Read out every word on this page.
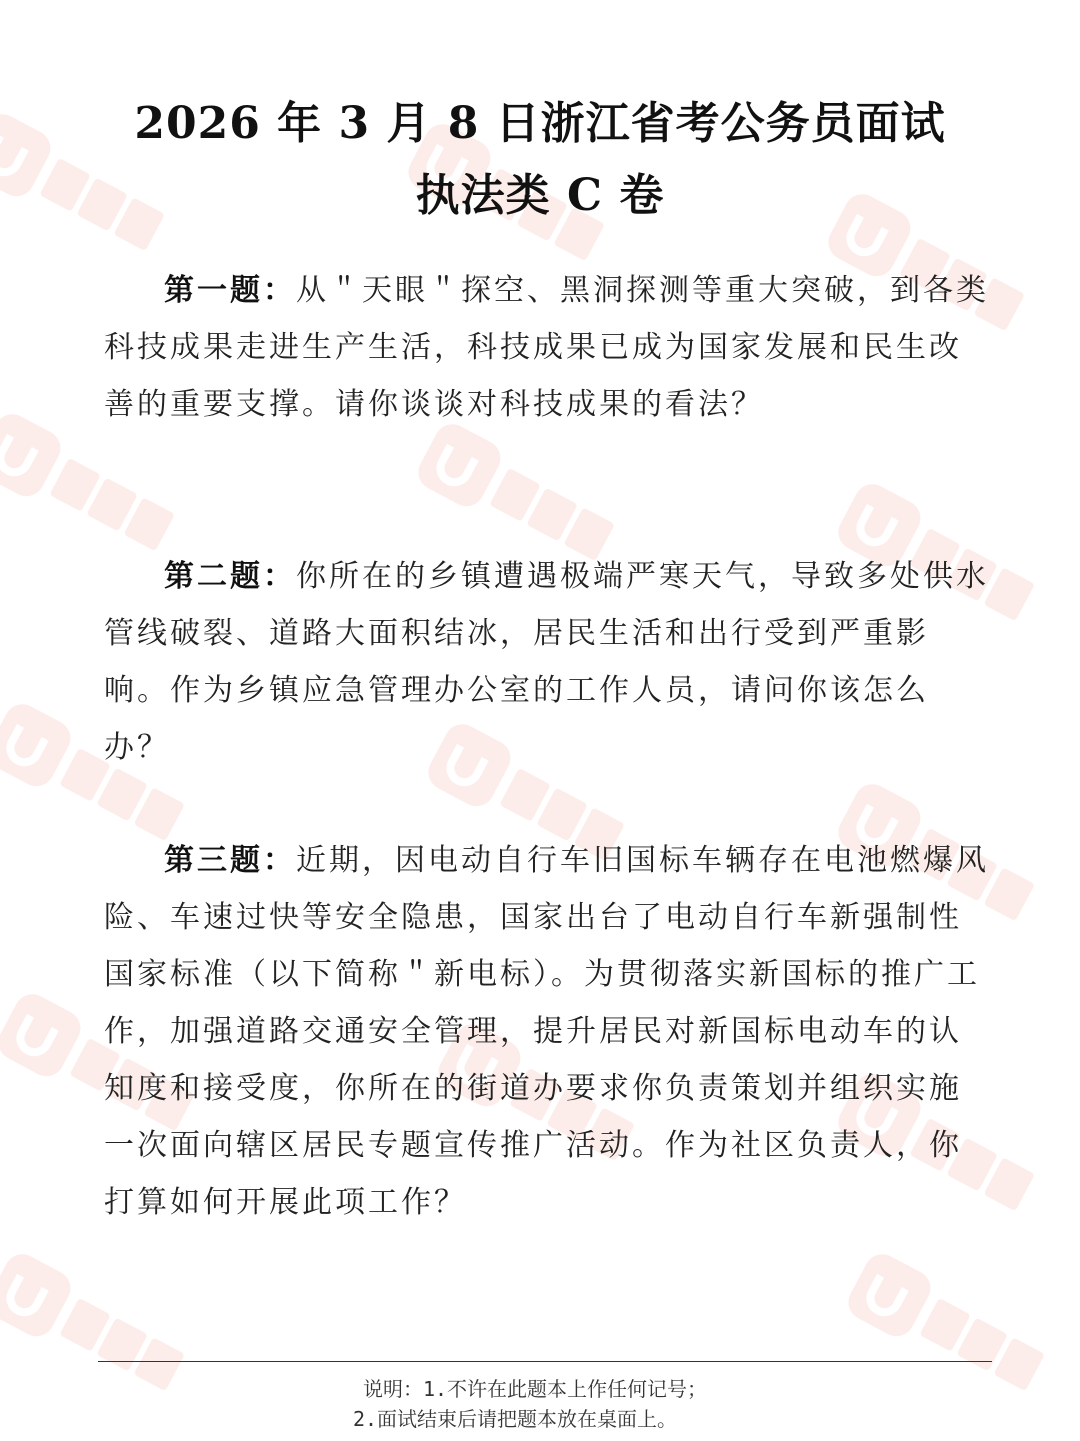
2026 年 3 月 8 日浙江省考公务员面试
执法类 C 卷
第一题：从＂天眼＂探空、黑洞探测等重大突破，到各类科技成果走进生产生活，科技成果已成为国家发展和民生改善的重要支撑。请你谈谈对科技成果的看法？
第二题：你所在的乡镇遭遇极端严寒天气，导致多处供水管线破裂、道路大面积结冰，居民生活和出行受到严重影响。作为乡镇应急管理办公室的工作人员，请问你该怎么办？
第三题：近期，因电动自行车旧国标车辆存在电池燃爆风险、车速过快等安全隐患，国家出台了电动自行车新强制性国家标准（以下简称＂新电标）。为贯彻落实新国标的推广工作，加强道路交通安全管理，提升居民对新国标电动车的认知度和接受度，你所在的街道办要求你负责策划并组织实施一次面向辖区居民专题宣传推广活动。作为社区负责人，你打算如何开展此项工作？
说明：1.不许在此题本上作任何记号；
2.面试结束后请把题本放在桌面上。
